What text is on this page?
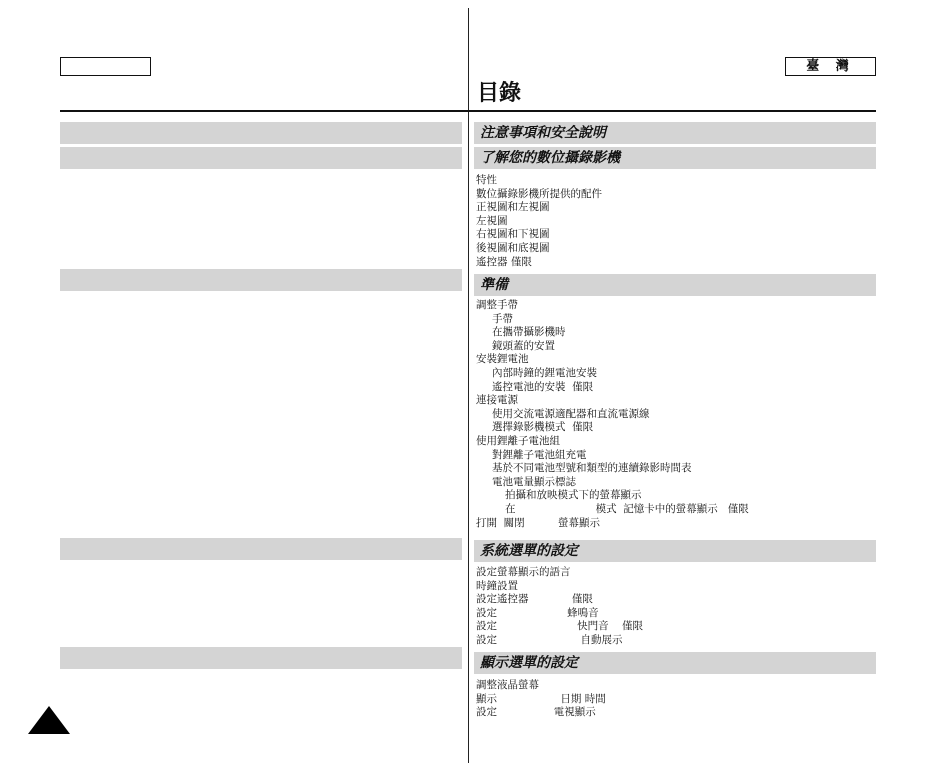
臺 灣
目錄
注意事項和安全說明
了解您的數位攝錄影機
特性
數位攝錄影機所提供的配件
正視圖和左視圖
左視圖
右視圖和下視圖
後視圖和底視圖
遙控器 僅限
準備
調整手帶
手帶
在攜帶攝影機時
鏡頭蓋的安置
安裝鋰電池
內部時鐘的鋰電池安裝
遙控電池的安裝  僅限
連接電源
使用交流電源適配器和直流電源線
選擇錄影機模式  僅限
使用鋰離子電池組
對鋰離子電池組充電
基於不同電池型號和類型的連續錄影時間表
電池電量顯示標誌
拍攝和放映模式下的螢幕顯示
在                        模式  記憶卡中的螢幕顯示   僅限
打開  關閉          螢幕顯示
系統選單的設定
設定螢幕顯示的語言
時鐘設置
設定遙控器             僅限
設定                     蜂鳴音
設定                        快門音    僅限
設定                         自動展示
顯示選單的設定
調整液晶螢幕
顯示                   日期 時間
設定                 電視顯示
